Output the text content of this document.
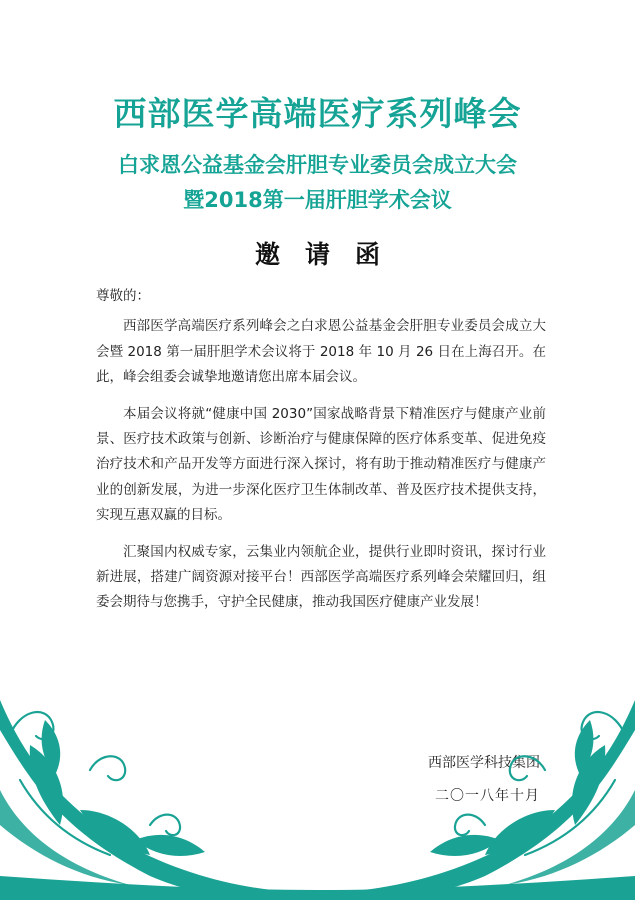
西部医学高端医疗系列峰会
白求恩公益基金会肝胆专业委员会成立大会
暨2018第一届肝胆学术会议
邀　请　函

尊敬的：

西部医学高端医疗系列峰会之白求恩公益基金会肝胆专业委员会成立大会暨 2018 第一届肝胆学术会议将于 2018 年 10 月 26 日在上海召开。在此，峰会组委会诚挚地邀请您出席本届会议。

本届会议将就“健康中国 2030”国家战略背景下精准医疗与健康产业前景、医疗技术政策与创新、诊断治疗与健康保障的医疗体系变革、促进免疫治疗技术和产品开发等方面进行深入探讨，将有助于推动精准医疗与健康产业的创新发展，为进一步深化医疗卫生体制改革、普及医疗技术提供支持，实现互惠双赢的目标。

汇聚国内权威专家，云集业内领航企业，提供行业即时资讯，探讨行业新进展，搭建广阔资源对接平台！西部医学高端医疗系列峰会荣耀回归，组委会期待与您携手，守护全民健康，推动我国医疗健康产业发展！

西部医学科技集团
二〇一八年十月
